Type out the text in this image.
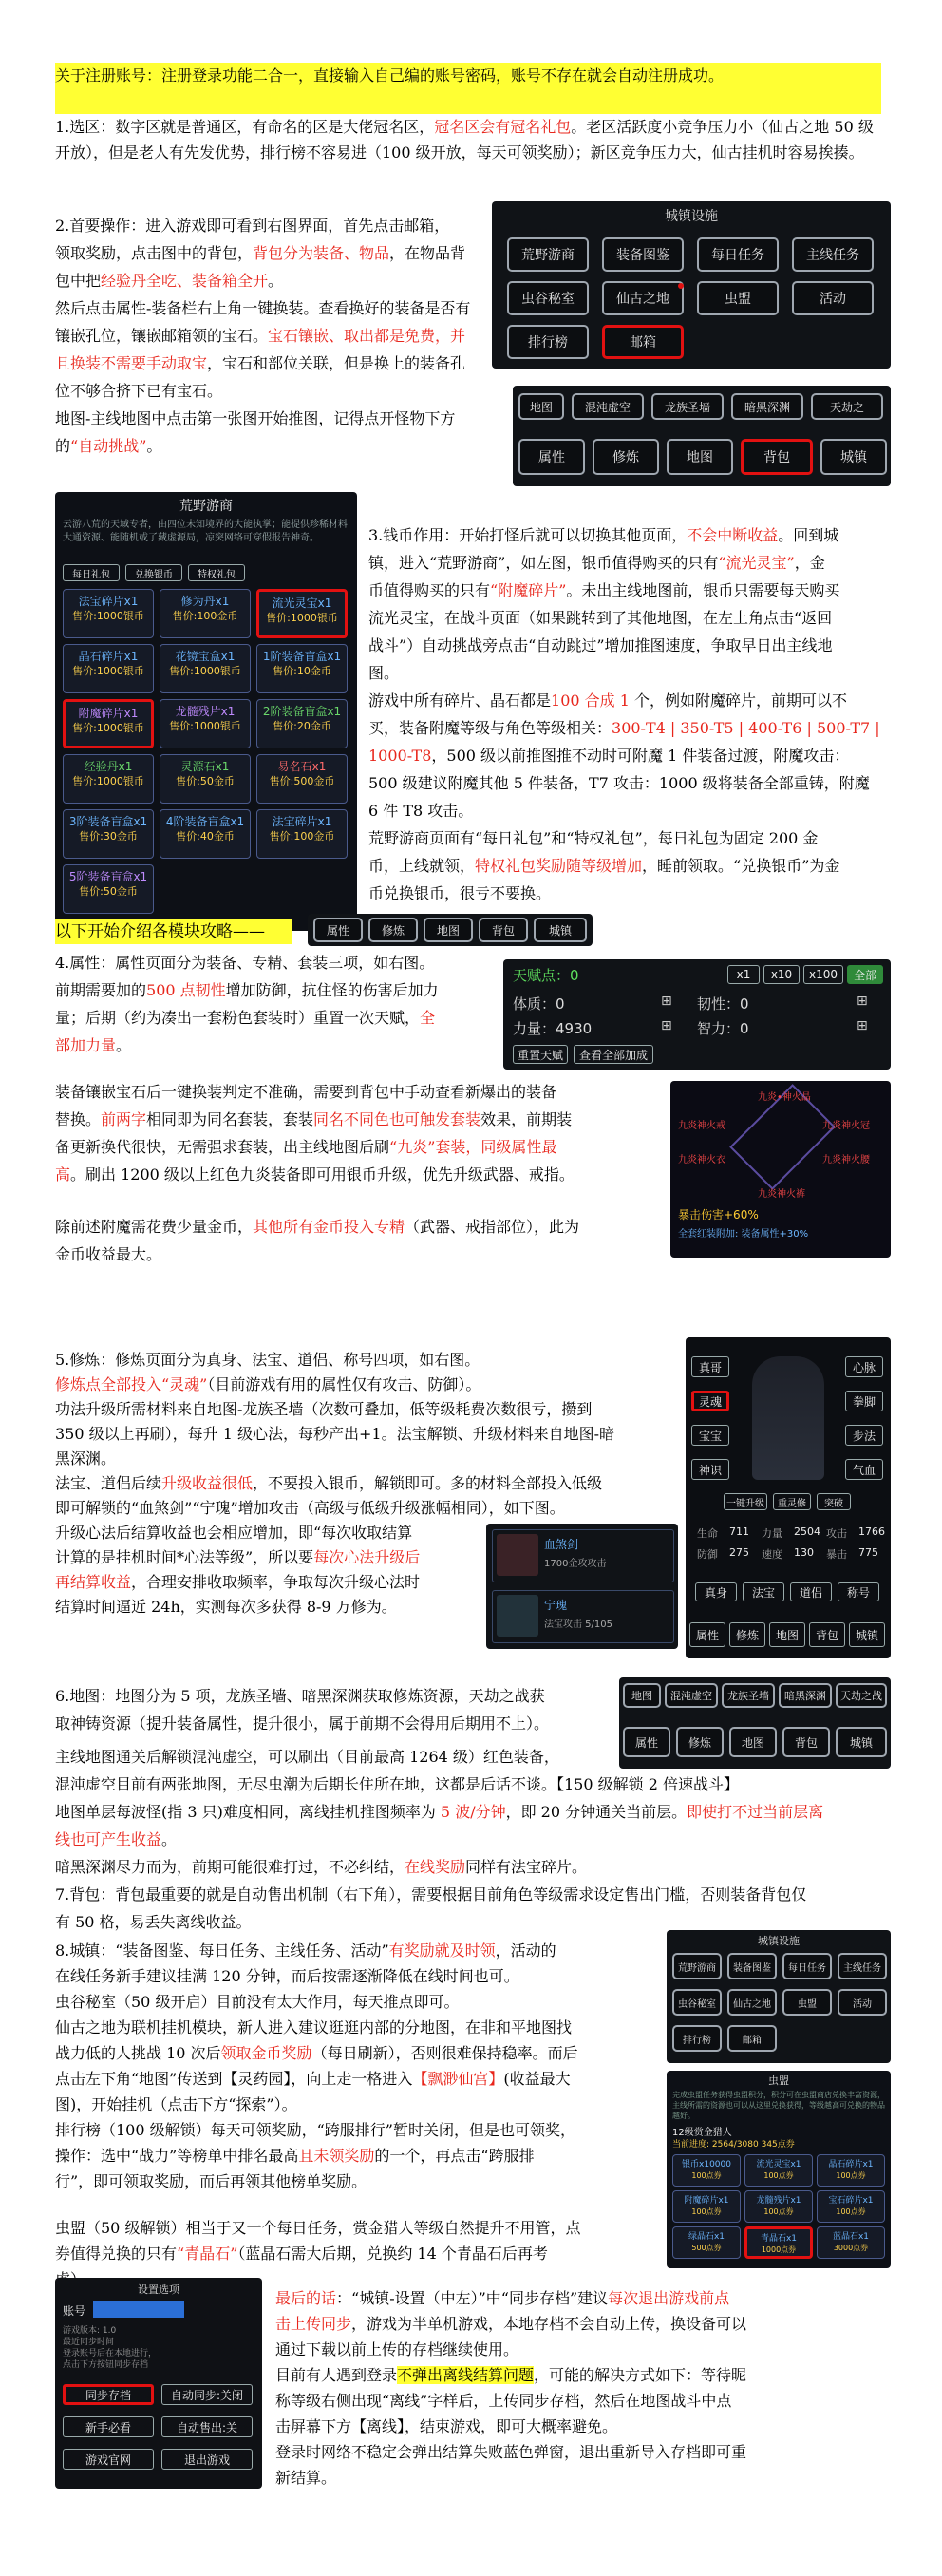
关于注册账号：注册登录功能二合一，直接输入自己编的账号密码，账号不存在就会自动注册成功。

1.选区：数字区就是普通区，有命名的区是大佬冠名区，冠名区会有冠名礼包。老区活跃度小竞争压力小（仙古之地 50 级开放），但是老人有先发优势，排行榜不容易进（100 级开放，每天可领奖励）；新区竞争压力大，仙古挂机时容易挨揍。

2.首要操作：进入游戏即可看到右图界面，首先点击邮箱，

领取奖励，点击图中的背包，背包分为装备、物品，在物品背

包中把经验丹全吃、装备箱全开。

然后点击属性-装备栏右上角一键换装。查看换好的装备是否有

镶嵌孔位，镶嵌邮箱领的宝石。宝石镶嵌、取出都是免费，并

且换装不需要手动取宝，宝石和部位关联，但是换上的装备孔

位不够合挤下已有宝石。

地图-主线地图中点击第一张图开始推图，记得点开怪物下方

的“自动挑战”。

城镇设施
荒野游商	装备图鉴	每日任务	主线任务
虫谷秘室	仙古之地	虫盟	活动
排行榜	邮箱
地图	混沌虚空	龙族圣墙	暗黑深渊	天劫之
属性	修炼	地图	背包	城镇
荒野游商
云游八荒的天域专者，由四位未知境界的大能执掌；能提供珍稀材料大通资源、能随机或了藏虚源局，凉突网络可穿假报告神奇。
每日礼包	兑换银币	特权礼包
法宝碎片x1
售价:1000银币
修为丹x1
售价:100金币
流光灵宝x1
售价:1000银币
晶石碎片x1
售价:1000银币
花镜宝盒x1
售价:1000银币
1阶装备盲盒x1
售价:10金币
附魔碎片x1
售价:1000银币
龙髓残片x1
售价:1000银币
2阶装备盲盒x1
售价:20金币
经验丹x1
售价:1000银币
灵源石x1
售价:50金币
易名石x1
售价:500金币
3阶装备盲盒x1
售价:30金币
4阶装备盲盒x1
售价:40金币
法宝碎片x1
售价:100金币
5阶装备盲盒x1
售价:50金币

3.钱币作用：开始打怪后就可以切换其他页面，不会中断收益。回到城

镇，进入“荒野游商”，如左图，银币值得购买的只有“流光灵宝”，金

币值得购买的只有“附魔碎片”。未出主线地图前，银币只需要每天购买

流光灵宝，在战斗页面（如果跳转到了其他地图，在左上角点击“返回

战斗”）自动挑战旁点击“自动跳过”增加推图速度，争取早日出主线地

图。

游戏中所有碎片、晶石都是100 合成 1 个，例如附魔碎片，前期可以不

买，装备附魔等级与角色等级相关：300-T4 | 350-T5 | 400-T6 | 500-T7 |

1000-T8，500 级以前推图推不动时可附魔 1 件装备过渡，附魔攻击：

500 级建议附魔其他 5 件装备，T7 攻击：1000 级将装备全部重铸，附魔

6 件 T8 攻击。

荒野游商页面有“每日礼包”和“特权礼包”，每日礼包为固定 200 金

币，上线就领，特权礼包奖励随等级增加，睡前领取。“兑换银币”为金

币兑换银币，很亏不要换。

以下开始介绍各模块攻略——	属性	修炼	地图	背包	城镇

4.属性：属性页面分为装备、专精、套装三项，如右图。

前期需要加的500 点韧性增加防御，抗住怪的伤害后加力

量；后期（约为凑出一套粉色套装时）重置一次天赋，全

部加力量。

天赋点：0	x1	x10	x100	全部
体质：0	⊞ 韧性：0	⊞
力量：4930	⊞ 智力：0	⊞
重置天赋	查看全部加成

装备镶嵌宝石后一键换装判定不准确，需要到背包中手动查看新爆出的装备

替换。前两字相同即为同名套装，套装同名不同色也可触发套装效果，前期装

备更新换代很快，无需强求套装，出主线地图后刷“九炎”套装，同级属性最

高。刷出 1200 级以上红色九炎装备即可用银币升级，优先升级武器、戒指。

除前述附魔需花费少量金币，其他所有金币投入专精（武器、戒指部位），此为

金币收益最大。

九炎•神火晶
九炎神火冠
九炎神火戒
九炎神火腰
九炎神火衣
九炎神火裤
暴击伤害+60%
全套红装附加: 装备属性+30%

5.修炼：修炼页面分为真身、法宝、道侣、称号四项，如右图。

修炼点全部投入“灵魂”（目前游戏有用的属性仅有攻击、防御）。

功法升级所需材料来自地图-龙族圣墙（次数可叠加，低等级耗费次数很亏，攒到

350 级以上再刷），每升 1 级心法，每秒产出+1。法宝解锁、升级材料来自地图-暗

黑深渊。

法宝、道侣后续升级收益很低，不要投入银币，解锁即可。多的材料全部投入低级

即可解锁的“血煞剑”“宁瑰”增加攻击（高级与低级升级涨幅相同），如下图。

升级心法后结算收益也会相应增加，即“每次收取结算

计算的是挂机时间*心法等级”，所以要每次心法升级后

再结算收益，合理安排收取频率，争取每次升级心法时

结算时间逼近 24h，实测每次多获得 8-9 万修为。

真哥
灵魂
宝宝
神识
心脉
拳脚
步法
气血
一键升级	重灵修	突破
生命 711 力量 2504 攻击 1766
防御 275 速度 130 暴击 775
真身	法宝	道侣	称号
属性	修炼	地图	背包	城镇
血煞剑
1700金攻攻击
宁瑰
法宝攻击 5/105

6.地图：地图分为 5 项，龙族圣墙、暗黑深渊获取修炼资源，天劫之战获

取神铸资源（提升装备属性，提升很小，属于前期不会得用后期用不上）。

主线地图通关后解锁混沌虚空，可以刷出（目前最高 1264 级）红色装备，

混沌虚空目前有两张地图，无尽虫潮为后期长住所在地，这都是后话不谈。【150 级解锁 2 倍速战斗】

地图单层每波怪(指 3 只)难度相同，离线挂机推图频率为 5 波/分钟，即 20 分钟通关当前层。即使打不过当前层离

线也可产生收益。

暗黑深渊尽力而为，前期可能很难打过，不必纠结，在线奖励同样有法宝碎片。

7.背包：背包最重要的就是自动售出机制（右下角），需要根据目前角色等级需求设定售出门槛，否则装备背包仅

有 50 格，易丢失离线收益。

地图	混沌虚空	龙族圣墙	暗黑深渊	天劫之战
属性	修炼	地图	背包	城镇

8.城镇：“装备图鉴、每日任务、主线任务、活动”有奖励就及时领，活动的

在线任务新手建议挂满 120 分钟，而后按需逐渐降低在线时间也可。

虫谷秘室（50 级开启）目前没有太大作用，每天推点即可。

仙古之地为联机挂机模块，新人进入建议逛逛内部的分地图，在非和平地图找

战力低的人挑战 10 次后领取金币奖励（每日刷新），否则很难保持稳率。而后

点击左下角“地图”传送到【灵药园】，向上走一格进入【飘渺仙宫】(收益最大

图)，开始挂机（点击下方“探索”）。

排行榜（100 级解锁）每天可领奖励，“跨服排行”暂时关闭，但是也可领奖，

操作：选中“战力”等榜单中排名最高且未领奖励的一个，再点击“跨服排

行”，即可领取奖励，而后再领其他榜单奖励。

虫盟（50 级解锁）相当于又一个每日任务，赏金猎人等级自然提升不用管，点

券值得兑换的只有“青晶石”（蓝晶石需大后期，兑换约 14 个青晶石后再考

城镇设施
荒野游商	装备图鉴	每日任务	主线任务
虫谷秘室	仙古之地	虫盟	活动
排行榜	邮箱
虫盟
完成虫盟任务获得虫盟积分，积分可在虫盟商店兑换丰富资源，主线所需的资源也可以从这里兑换获得，等级越高可兑换的物品越好。
12级赏金猎人
当前进度: 2564/3080 345点券
银币x10000
100点券
流光灵宝x1
100点券
晶石碎片x1
100点券
附魔碎片x1
100点券
龙髓残片x1
100点券
宝石碎片x1
100点券
绿晶石x1
500点券
青晶石x1
1000点券
蓝晶石x1
3000点券
设置选项
账号
游戏版本: 1.0
最近同步时间
登录账号后在本地进行，
点击下方按钮同步存档
同步存档	自动同步:关闭
新手必看	自动售出:关
游戏官网	退出游戏

最后的话：“城镇-设置（中左）”中“同步存档”建议每次退出游戏前点

击上传同步，游戏为半单机游戏，本地存档不会自动上传，换设备可以

通过下载以前上传的存档继续使用。

目前有人遇到登录不弹出离线结算问题，可能的解决方式如下：等待昵

称等级右侧出现“离线”字样后，上传同步存档，然后在地图战斗中点

击屏幕下方【离线】，结束游戏，即可大概率避免。

登录时网络不稳定会弹出结算失败蓝色弹窗，退出重新导入存档即可重

新结算。
